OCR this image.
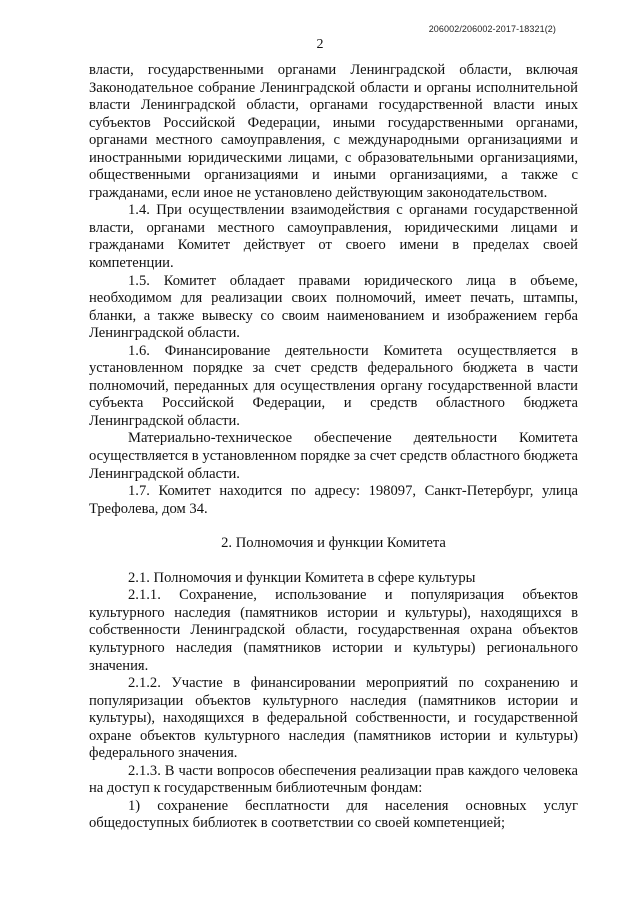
206002/206002-2017-18321(2)
2

власти, государственными органами Ленинградской области, включая Законодательное собрание Ленинградской области и органы исполнительной власти Ленинградской области, органами государственной власти иных субъектов Российской Федерации, иными государственными органами, органами местного самоуправления, с международными организациями и иностранными юридическими лицами, с образовательными организациями, общественными организациями и иными организациями, а также с гражданами, если иное не установлено действующим законодательством.

1.4. При осуществлении взаимодействия с органами государственной власти, органами местного самоуправления, юридическими лицами и гражданами Комитет действует от своего имени в пределах своей компетенции.

1.5. Комитет обладает правами юридического лица в объеме, необходимом для реализации своих полномочий, имеет печать, штампы, бланки, а также вывеску со своим наименованием и изображением герба Ленинградской области.

1.6. Финансирование деятельности Комитета осуществляется в установленном порядке за счет средств федерального бюджета в части полномочий, переданных для осуществления органу государственной власти субъекта Российской Федерации, и средств областного бюджета Ленинградской области.

Материально-техническое обеспечение деятельности Комитета осуществляется в установленном порядке за счет средств областного бюджета Ленинградской области.

1.7. Комитет находится по адресу: 198097, Санкт-Петербург, улица Трефолева, дом 34.

2. Полномочия и функции Комитета

2.1. Полномочия и функции Комитета в сфере культуры

2.1.1. Сохранение, использование и популяризация объектов культурного наследия (памятников истории и культуры), находящихся в собственности Ленинградской области, государственная охрана объектов культурного наследия (памятников истории и культуры) регионального значения.

2.1.2. Участие в финансировании мероприятий по сохранению и популяризации объектов культурного наследия (памятников истории и культуры), находящихся в федеральной собственности, и государственной охране объектов культурного наследия (памятников истории и культуры) федерального значения.

2.1.3. В части вопросов обеспечения реализации прав каждого человека на доступ к государственным библиотечным фондам:

1) сохранение бесплатности для населения основных услуг общедоступных библиотек в соответствии со своей компетенцией;
